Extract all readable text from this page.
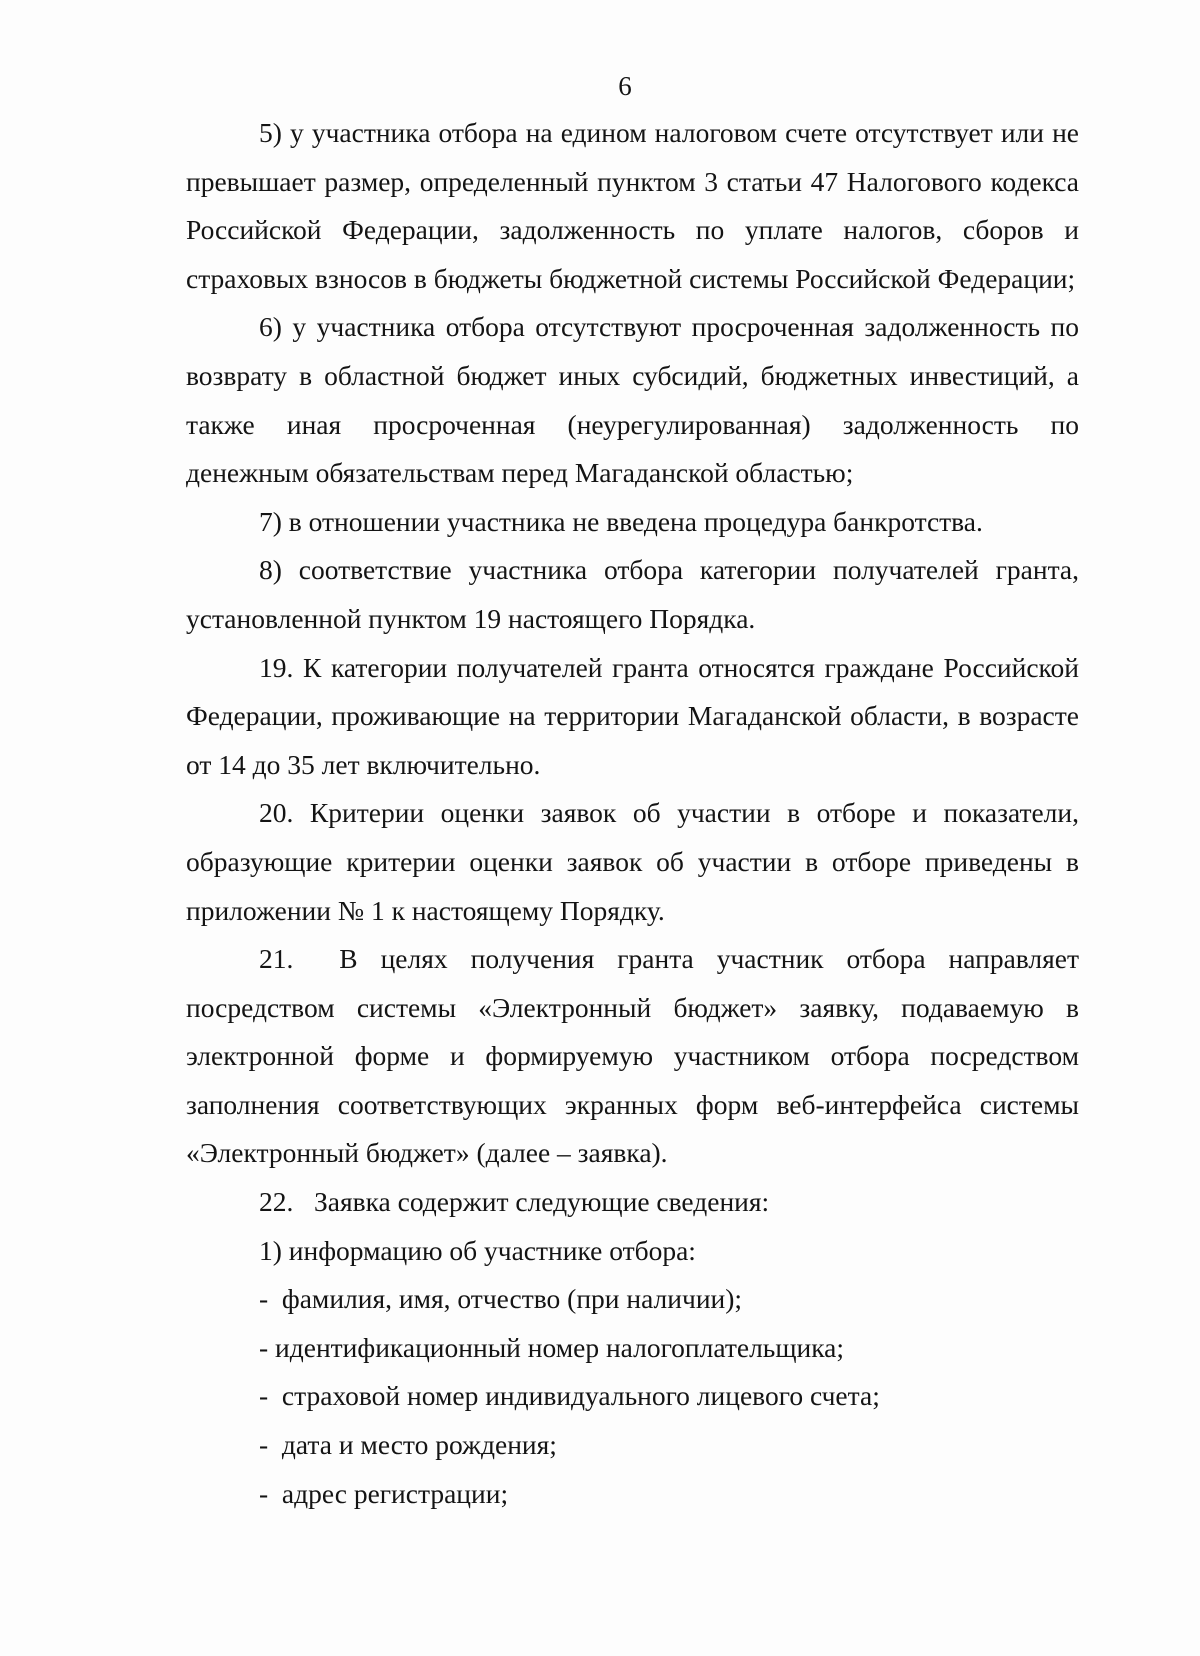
6

5) у участника отбора на едином налоговом счете отсутствует или не превышает размер, определенный пунктом 3 статьи 47 Налогового кодекса Российской Федерации, задолженность по уплате налогов, сборов и страховых взносов в бюджеты бюджетной системы Российской Федерации;

6) у участника отбора отсутствуют просроченная задолженность по возврату в областной бюджет иных субсидий, бюджетных инвестиций, а также иная просроченная (неурегулированная) задолженность по денежным обязательствам перед Магаданской областью;

7) в отношении участника не введена процедура банкротства.

8) соответствие участника отбора категории получателей гранта, установленной пунктом 19 настоящего Порядка.

19. К категории получателей гранта относятся граждане Российской Федерации, проживающие на территории Магаданской области, в возрасте от 14 до 35 лет включительно.

20. Критерии оценки заявок об участии в отборе и показатели, образующие критерии оценки заявок об участии в отборе приведены в приложении № 1 к настоящему Порядку.

21.  В целях получения гранта участник отбора направляет посредством системы «Электронный бюджет» заявку, подаваемую в электронной форме и формируемую участником отбора посредством заполнения соответствующих экранных форм веб-интерфейса системы «Электронный бюджет» (далее – заявка).

22.   Заявка содержит следующие сведения:

1) информацию об участнике отбора:

-  фамилия, имя, отчество (при наличии);

- идентификационный номер налогоплательщика;

-  страховой номер индивидуального лицевого счета;

-  дата и место рождения;

-  адрес регистрации;
